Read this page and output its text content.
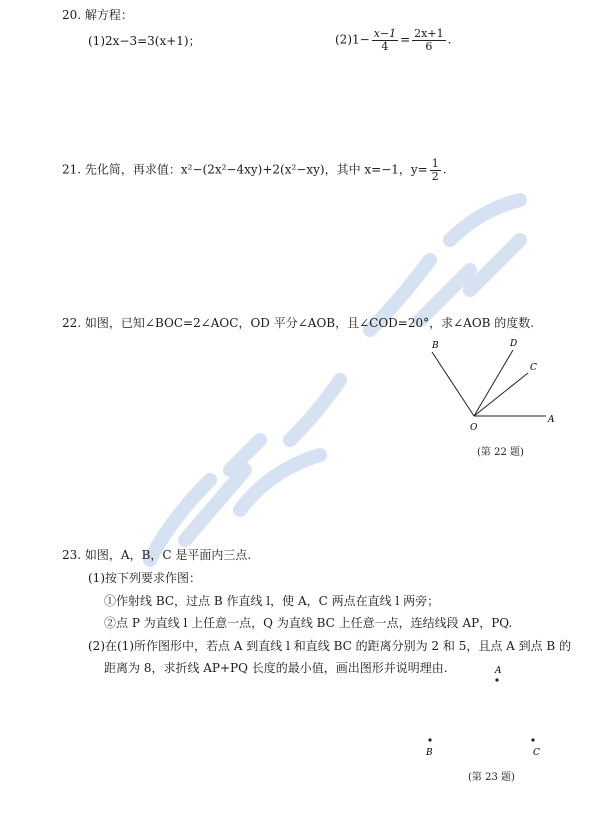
20. 解方程：
(1)2x−3=3(x+1)；	$(2)1- \frac{x-1}{4} = \frac{2x+1}{6}$ .
21. 先化简，再求值：x²−(2x²−4xy)+2(x²−xy)，其中 x=−1，$y= \frac{1}{2}$ .
22. 如图，已知∠BOC=2∠AOC，OD 平分∠AOB，且∠COD=20°，求∠AOB 的度数.
B	D
C
O
A
(第 22 题)
23. 如图，A，B，C 是平面内三点.
(1)按下列要求作图：
①作射线 BC，过点 B 作直线 l，使 A，C 两点在直线 l 两旁；
②点 P 为直线 l 上任意一点，Q 为直线 BC 上任意一点，连结线段 AP，PQ.
(2)在(1)所作图形中，若点 A 到直线 l 和直线 BC 的距离分别为 2 和 5，且点 A 到点 B 的
距离为 8，求折线 AP+PQ 长度的最小值，画出图形并说明理由.	A
B	C
(第 23 题)
